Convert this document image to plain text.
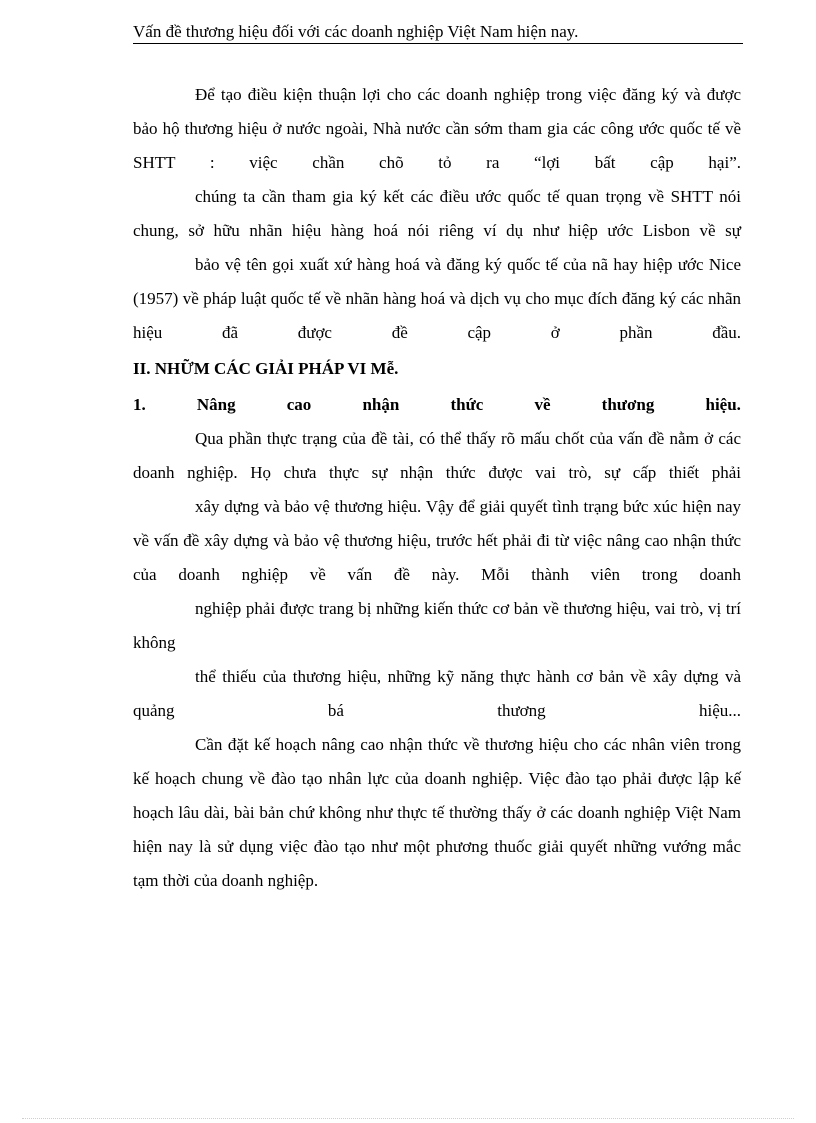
Vấn đề thương hiệu đối với các doanh nghiệp Việt Nam hiện nay.

Để tạo điều kiện thuận lợi cho các doanh nghiệp trong việc đăng ký và được bảo hộ thương hiệu ở nước ngoài, Nhà nước cần sớm tham gia các công ước quốc tế về SHTT : việc chần chõ tỏ ra “lợi bất cập hại”.

chúng ta cần tham gia ký kết các điều ước quốc tế quan trọng về SHTT nói chung, sở hữu nhãn hiệu hàng hoá nói riêng ví dụ như hiệp ước Lisbon về sự

bảo vệ tên gọi xuất xứ hàng hoá và đăng ký quốc tế của nã hay hiệp ước Nice (1957) về pháp luật quốc tế về nhãn hàng hoá và dịch vụ cho mục đích đăng ký các nhãn hiệu đã được đề cập ở phần đầu.

II. NHỮM CÁC GIẢI PHÁP VI Mễ.

1.	Nâng	cao	nhận	thức	về	thương	hiệu.

Qua phần thực trạng của đề tài, có thể thấy rõ mấu chốt của vấn đề nằm ở các doanh nghiệp. Họ chưa thực sự nhận thức được vai trò, sự cấp thiết phải

xây dựng và bảo vệ thương hiệu. Vậy để giải quyết tình trạng bức xúc hiện nay về vấn đề xây dựng và bảo vệ thương hiệu, trước hết phải đi từ việc nâng cao nhận thức của doanh nghiệp về vấn đề này. Mỗi thành viên trong doanh

nghiệp phải được trang bị những kiến thức cơ bản về thương hiệu, vai trò, vị trí không

thể thiếu của thương hiệu, những kỹ năng thực hành cơ bản về xây dựng và quảng bá thương hiệu...

Cần đặt kế hoạch nâng cao nhận thức về thương hiệu cho các nhân viên trong kế hoạch chung về đào tạo nhân lực của doanh nghiệp. Việc đào tạo phải được lập kế hoạch lâu dài, bài bản chứ không như thực tế thường thấy ở các doanh nghiệp Việt Nam hiện nay là sử dụng việc đào tạo như một phương thuốc giải quyết những vướng mắc tạm thời của doanh nghiệp.
